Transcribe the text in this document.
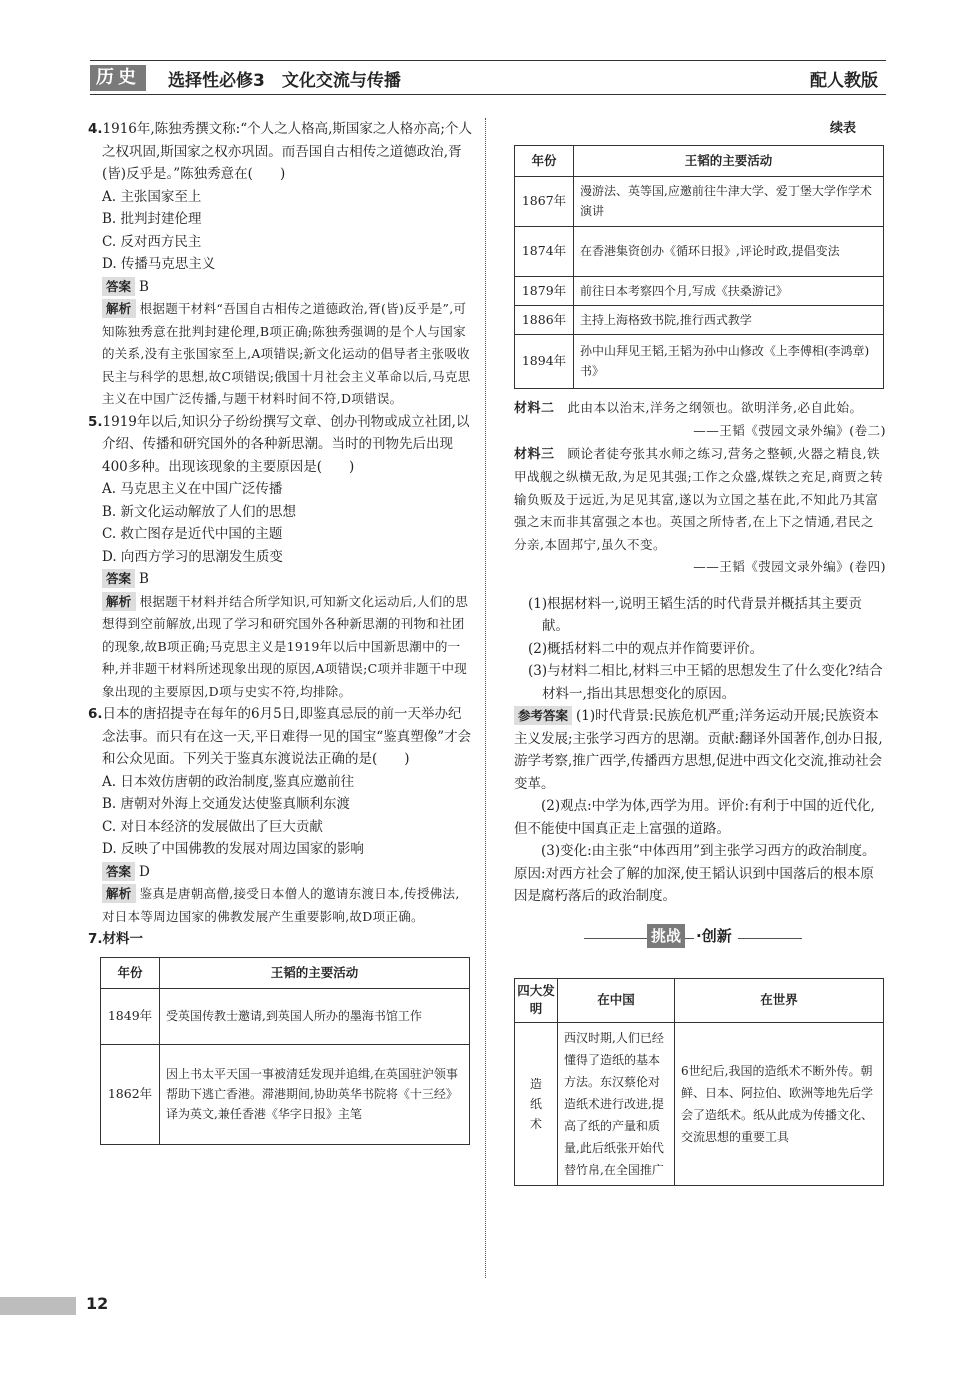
历史	选择性必修3　文化交流与传播	配人教版

4.1916年,陈独秀撰文称:“个人之人格高,斯国家之人格亦高;个人之权巩固,斯国家之权亦巩固。而吾国自古相传之道德政治,胥(皆)反乎是。”陈独秀意在(　　)

A. 主张国家至上

B. 批判封建伦理

C. 反对西方民主

D. 传播马克思主义

答案 B

解析 根据题干材料“吾国自古相传之道德政治,胥(皆)反乎是”,可知陈独秀意在批判封建伦理,B项正确;陈独秀强调的是个人与国家的关系,没有主张国家至上,A项错误;新文化运动的倡导者主张吸收民主与科学的思想,故C项错误;俄国十月社会主义革命以后,马克思主义在中国广泛传播,与题干材料时间不符,D项错误。

5.1919年以后,知识分子纷纷撰写文章、创办刊物或成立社团,以介绍、传播和研究国外的各种新思潮。当时的刊物先后出现400多种。出现该现象的主要原因是(　　)

A. 马克思主义在中国广泛传播

B. 新文化运动解放了人们的思想

C. 救亡图存是近代中国的主题

D. 向西方学习的思潮发生质变

答案 B

解析 根据题干材料并结合所学知识,可知新文化运动后,人们的思想得到空前解放,出现了学习和研究国外各种新思潮的刊物和社团的现象,故B项正确;马克思主义是1919年以后中国新思潮中的一种,并非题干材料所述现象出现的原因,A项错误;C项并非题干中现象出现的主要原因,D项与史实不符,均排除。

6.日本的唐招提寺在每年的6月5日,即鉴真忌辰的前一天举办纪念法事。而只有在这一天,平日难得一见的国宝“鉴真塑像”才会和公众见面。下列关于鉴真东渡说法正确的是(　　)

A. 日本效仿唐朝的政治制度,鉴真应邀前往

B. 唐朝对外海上交通发达使鉴真顺利东渡

C. 对日本经济的发展做出了巨大贡献

D. 反映了中国佛教的发展对周边国家的影响

答案 D

解析 鉴真是唐朝高僧,接受日本僧人的邀请东渡日本,传授佛法,对日本等周边国家的佛教发展产生重要影响,故D项正确。

7.材料一

年份	王韬的主要活动
1849年	受英国传教士邀请,到英国人所办的墨海书馆工作
1862年	因上书太平天国一事被清廷发现并追缉,在英国驻沪领事帮助下逃亡香港。滞港期间,协助英华书院将《十三经》译为英文,兼任香港《华字日报》主笔

续表

年份	王韬的主要活动
1867年	漫游法、英等国,应邀前往牛津大学、爱丁堡大学作学术演讲
1874年	在香港集资创办《循环日报》,评论时政,提倡变法
1879年	前往日本考察四个月,写成《扶桑游记》
1886年	主持上海格致书院,推行西式教学
1894年	孙中山拜见王韬,王韬为孙中山修改《上李傅相(李鸿章)书》

材料二　 此由本以治末,洋务之纲领也。欲明洋务,必自此始。

——王韬《弢园文录外编》(卷二)

材料三　 顾论者徒夸张其水师之练习,营务之整顿,火器之精良,铁甲战舰之纵横无敌,为足见其强;工作之众盛,煤铁之充足,商贾之转输负贩及于远近,为足见其富,遂以为立国之基在此,不知此乃其富强之末而非其富强之本也。英国之所恃者,在上下之情通,君民之分亲,本固邦宁,虽久不变。

——王韬《弢园文录外编》(卷四)

(1)根据材料一,说明王韬生活的时代背景并概括其主要贡献。

(2)概括材料二中的观点并作简要评价。

(3)与材料二相比,材料三中王韬的思想发生了什么变化?结合材料一,指出其思想变化的原因。

参考答案 (1)时代背景:民族危机严重;洋务运动开展;民族资本主义发展;主张学习西方的思潮。贡献:翻译外国著作,创办日报,游学考察,推广西学,传播西方思想,促进中西文化交流,推动社会变革。

(2)观点:中学为体,西学为用。评价:有利于中国的近代化,但不能使中国真正走上富强的道路。

(3)变化:由主张“中体西用”到主张学习西方的政治制度。原因:对西方社会了解的加深,使王韬认识到中国落后的根本原因是腐朽落后的政治制度。

挑战 ·创新
四大发明	在中国	在世界
造纸术	西汉时期,人们已经懂得了造纸的基本方法。东汉蔡伦对造纸术进行改进,提高了纸的产量和质量,此后纸张开始代替竹帛,在全国推广	6世纪后,我国的造纸术不断外传。朝鲜、日本、阿拉伯、欧洲等地先后学会了造纸术。纸从此成为传播文化、交流思想的重要工具
12
